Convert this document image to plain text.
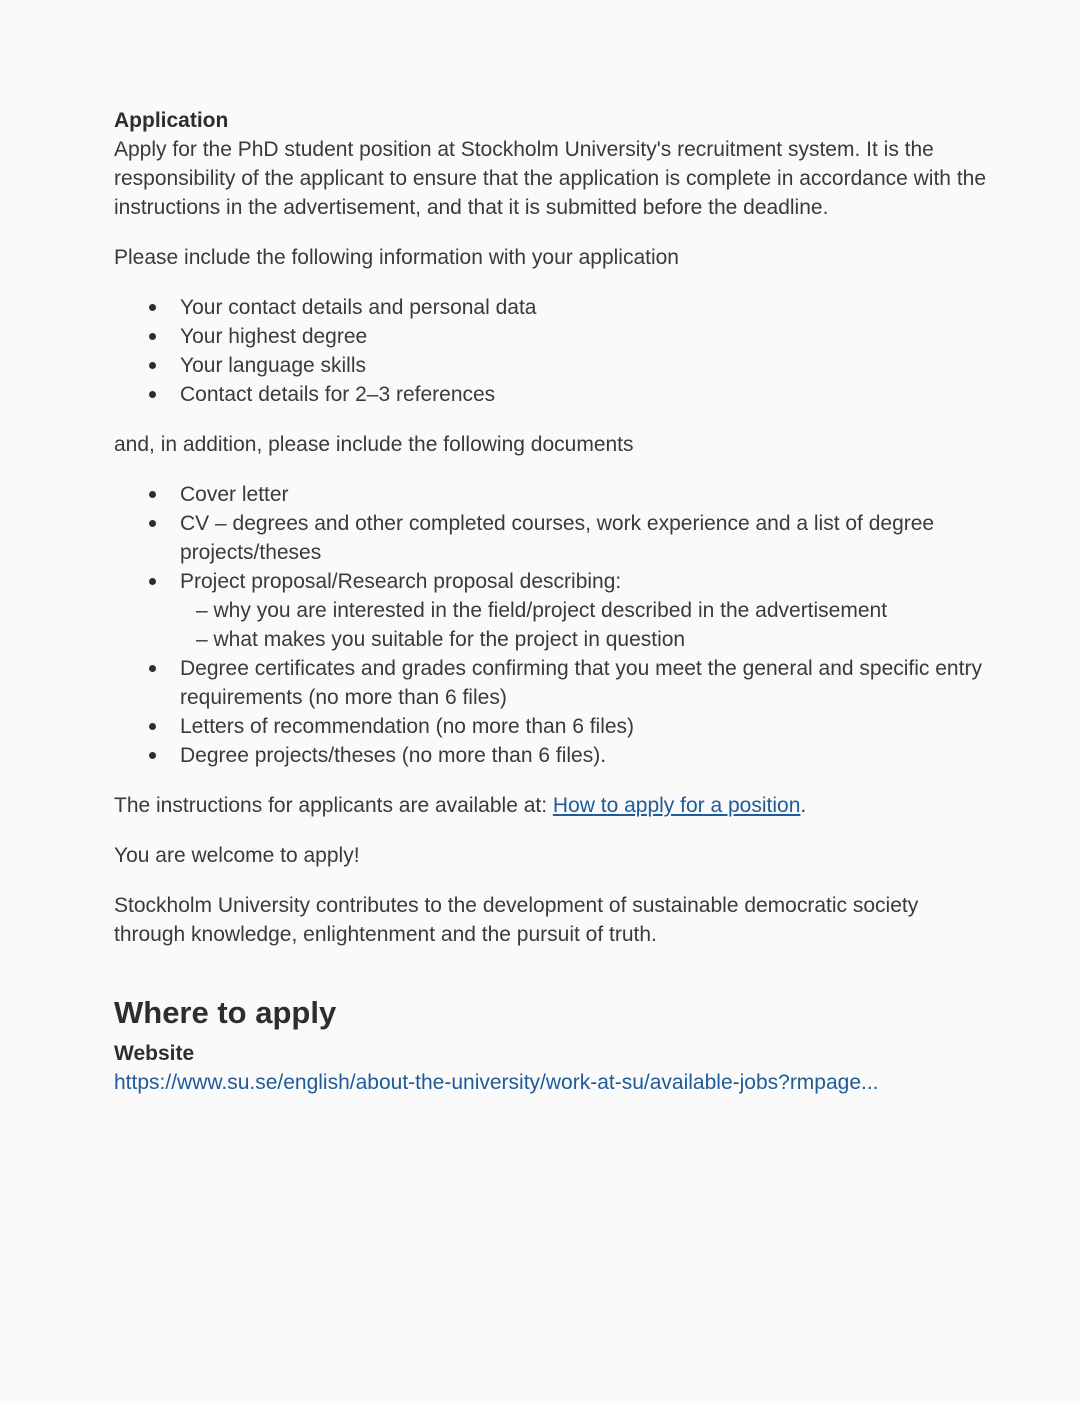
Application

Apply for the PhD student position at Stockholm University's recruitment system. It is the responsibility of the applicant to ensure that the application is complete in accordance with the instructions in the advertisement, and that it is submitted before the deadline.

Please include the following information with your application

Your contact details and personal data
Your highest degree
Your language skills
Contact details for 2–3 references

and, in addition, please include the following documents

Cover letter
CV – degrees and other completed courses, work experience and a list of degree projects/theses
Project proposal/Research proposal describing:
– why you are interested in the field/project described in the advertisement
– what makes you suitable for the project in question
Degree certificates and grades confirming that you meet the general and specific entry requirements (no more than 6 files)
Letters of recommendation (no more than 6 files)
Degree projects/theses (no more than 6 files).

The instructions for applicants are available at: How to apply for a position.

You are welcome to apply!

Stockholm University contributes to the development of sustainable democratic society through knowledge, enlightenment and the pursuit of truth.

Where to apply
Website
https://www.su.se/english/about-the-university/work-at-su/available-jobs?rmpage...
